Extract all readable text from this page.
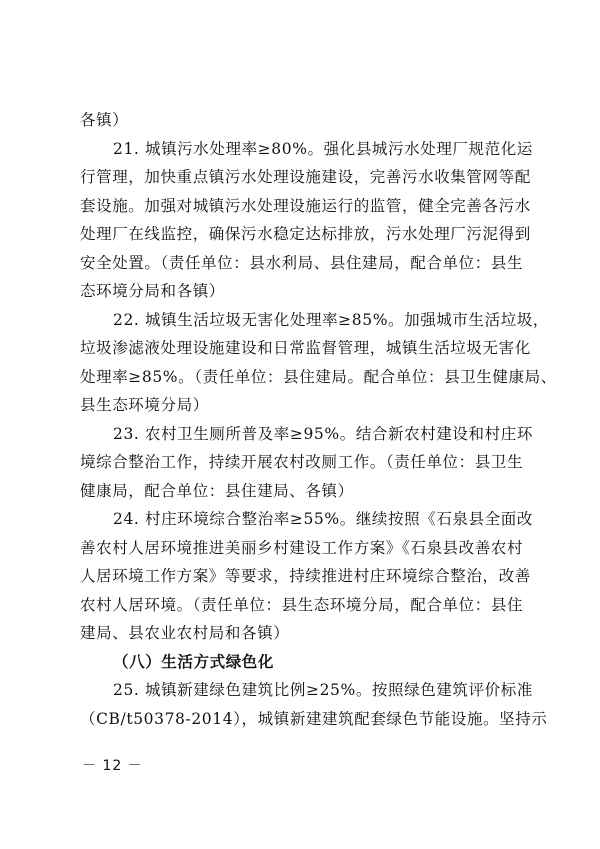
各镇）
21. 城镇污水处理率≥80%。强化县城污水处理厂规范化运
行管理，加快重点镇污水处理设施建设，完善污水收集管网等配
套设施。加强对城镇污水处理设施运行的监管，健全完善各污水
处理厂在线监控，确保污水稳定达标排放，污水处理厂污泥得到
安全处置。（责任单位：县水利局、县住建局，配合单位：县生
态环境分局和各镇）
22. 城镇生活垃圾无害化处理率≥85%。加强城市生活垃圾，
垃圾渗滤液处理设施建设和日常监督管理，城镇生活垃圾无害化
处理率≥85%。（责任单位：县住建局。配合单位：县卫生健康局、
县生态环境分局）
23. 农村卫生厕所普及率≥95%。结合新农村建设和村庄环
境综合整治工作，持续开展农村改厕工作。（责任单位：县卫生
健康局，配合单位：县住建局、各镇）
24. 村庄环境综合整治率≥55%。继续按照《石泉县全面改
善农村人居环境推进美丽乡村建设工作方案》《石泉县改善农村
人居环境工作方案》等要求，持续推进村庄环境综合整治，改善
农村人居环境。（责任单位：县生态环境分局，配合单位：县住
建局、县农业农村局和各镇）
（八）生活方式绿色化
25. 城镇新建绿色建筑比例≥25%。按照绿色建筑评价标准
（CB/t50378-2014），城镇新建建筑配套绿色节能设施。坚持示
－ 12 －
